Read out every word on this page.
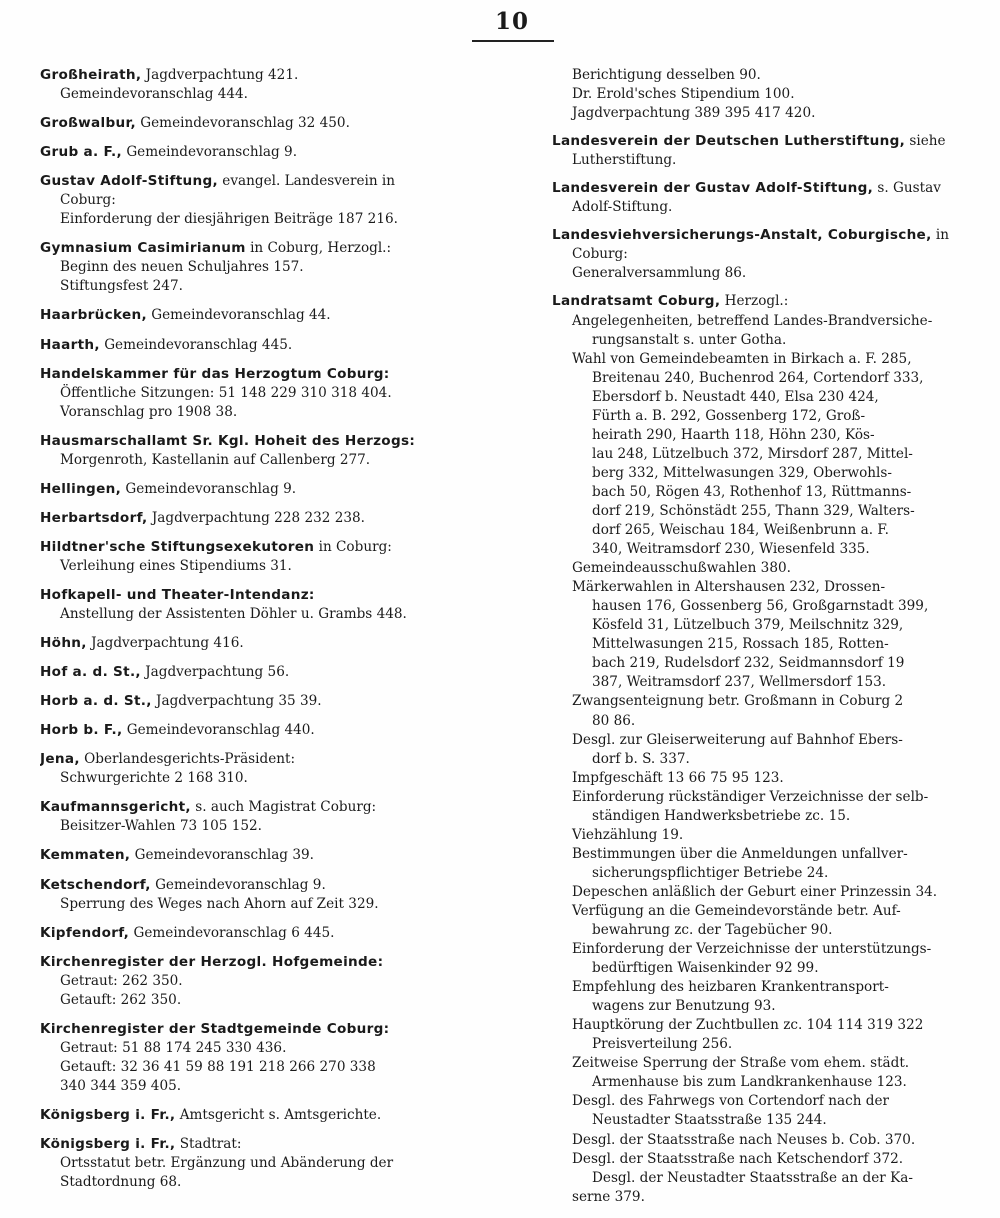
10
Großheirath, Jagdverpachtung 421.
Gemeindevoranschlag 444.
Großwalbur, Gemeindevoranschlag 32 450.
Grub a. F., Gemeindevoranschlag 9.
Gustav Adolf-Stiftung, evangel. Landesverein in
Coburg:
Einforderung der diesjährigen Beiträge 187 216.
Gymnasium Casimirianum in Coburg, Herzogl.:
Beginn des neuen Schuljahres 157.
Stiftungsfest 247.
Haarbrücken, Gemeindevoranschlag 44.
Haarth, Gemeindevoranschlag 445.
Handelskammer für das Herzogtum Coburg:
Öffentliche Sitzungen: 51 148 229 310 318 404.
Voranschlag pro 1908 38.
Hausmarschallamt Sr. Kgl. Hoheit des Herzogs:
Morgenroth, Kastellanin auf Callenberg 277.
Hellingen, Gemeindevoranschlag 9.
Herbartsdorf, Jagdverpachtung 228 232 238.
Hildtner'sche Stiftungsexekutoren in Coburg:
Verleihung eines Stipendiums 31.
Hofkapell- und Theater-Intendanz:
Anstellung der Assistenten Döhler u. Grambs 448.
Höhn, Jagdverpachtung 416.
Hof a. d. St., Jagdverpachtung 56.
Horb a. d. St., Jagdverpachtung 35 39.
Horb b. F., Gemeindevoranschlag 440.
Jena, Oberlandesgerichts-Präsident:
Schwurgerichte 2 168 310.
Kaufmannsgericht, s. auch Magistrat Coburg:
Beisitzer-Wahlen 73 105 152.
Kemmaten, Gemeindevoranschlag 39.
Ketschendorf, Gemeindevoranschlag 9.
Sperrung des Weges nach Ahorn auf Zeit 329.
Kipfendorf, Gemeindevoranschlag 6 445.
Kirchenregister der Herzogl. Hofgemeinde:
Getraut: 262 350.
Getauft: 262 350.
Kirchenregister der Stadtgemeinde Coburg:
Getraut: 51 88 174 245 330 436.
Getauft: 32 36 41 59 88 191 218 266 270 338
340 344 359 405.
Königsberg i. Fr., Amtsgericht s. Amtsgerichte.
Königsberg i. Fr., Stadtrat:
Ortsstatut betr. Ergänzung und Abänderung der
Stadtordnung 68.
Berichtigung desselben 90.
Dr. Erold'sches Stipendium 100.
Jagdverpachtung 389 395 417 420.
Landesverein der Deutschen Lutherstiftung, siehe
Lutherstiftung.
Landesverein der Gustav Adolf-Stiftung, s. Gustav
Adolf-Stiftung.
Landesviehversicherungs-Anstalt, Coburgische, in
Coburg:
Generalversammlung 86.
Landratsamt Coburg, Herzogl.:
Angelegenheiten, betreffend Landes-Brandversiche-
rungsanstalt s. unter Gotha.
Wahl von Gemeindebeamten in Birkach a. F. 285,
Breitenau 240, Buchenrod 264, Cortendorf 333,
Ebersdorf b. Neustadt 440, Elsa 230 424,
Fürth a. B. 292, Gossenberg 172, Groß-
heirath 290, Haarth 118, Höhn 230, Kös-
lau 248, Lützelbuch 372, Mirsdorf 287, Mittel-
berg 332, Mittelwasungen 329, Oberwohls-
bach 50, Rögen 43, Rothenhof 13, Rüttmanns-
dorf 219, Schönstädt 255, Thann 329, Walters-
dorf 265, Weischau 184, Weißenbrunn a. F.
340, Weitramsdorf 230, Wiesenfeld 335.
Gemeindeausschußwahlen 380.
Märkerwahlen in Altershausen 232, Drossen-
hausen 176, Gossenberg 56, Großgarnstadt 399,
Kösfeld 31, Lützelbuch 379, Meilschnitz 329,
Mittelwasungen 215, Rossach 185, Rotten-
bach 219, Rudelsdorf 232, Seidmannsdorf 19
387, Weitramsdorf 237, Wellmersdorf 153.
Zwangsenteignung betr. Großmann in Coburg 2
80 86.
Desgl. zur Gleiserweiterung auf Bahnhof Ebers-
dorf b. S. 337.
Impfgeschäft 13 66 75 95 123.
Einforderung rückständiger Verzeichnisse der selb-
ständigen Handwerksbetriebe zc. 15.
Viehzählung 19.
Bestimmungen über die Anmeldungen unfallver-
sicherungspflichtiger Betriebe 24.
Depeschen anläßlich der Geburt einer Prinzessin 34.
Verfügung an die Gemeindevorstände betr. Auf-
bewahrung zc. der Tagebücher 90.
Einforderung der Verzeichnisse der unterstützungs-
bedürftigen Waisenkinder 92 99.
Empfehlung des heizbaren Krankentransport-
wagens zur Benutzung 93.
Hauptkörung der Zuchtbullen zc. 104 114 319 322
Preisverteilung 256.
Zeitweise Sperrung der Straße vom ehem. städt.
Armenhause bis zum Landkrankenhause 123.
Desgl. des Fahrwegs von Cortendorf nach der
Neustadter Staatsstraße 135 244.
Desgl. der Staatsstraße nach Neuses b. Cob. 370.
Desgl. der Staatsstraße nach Ketschendorf 372.
Desgl. der Neustadter Staatsstraße an der Ka-
serne 379.
